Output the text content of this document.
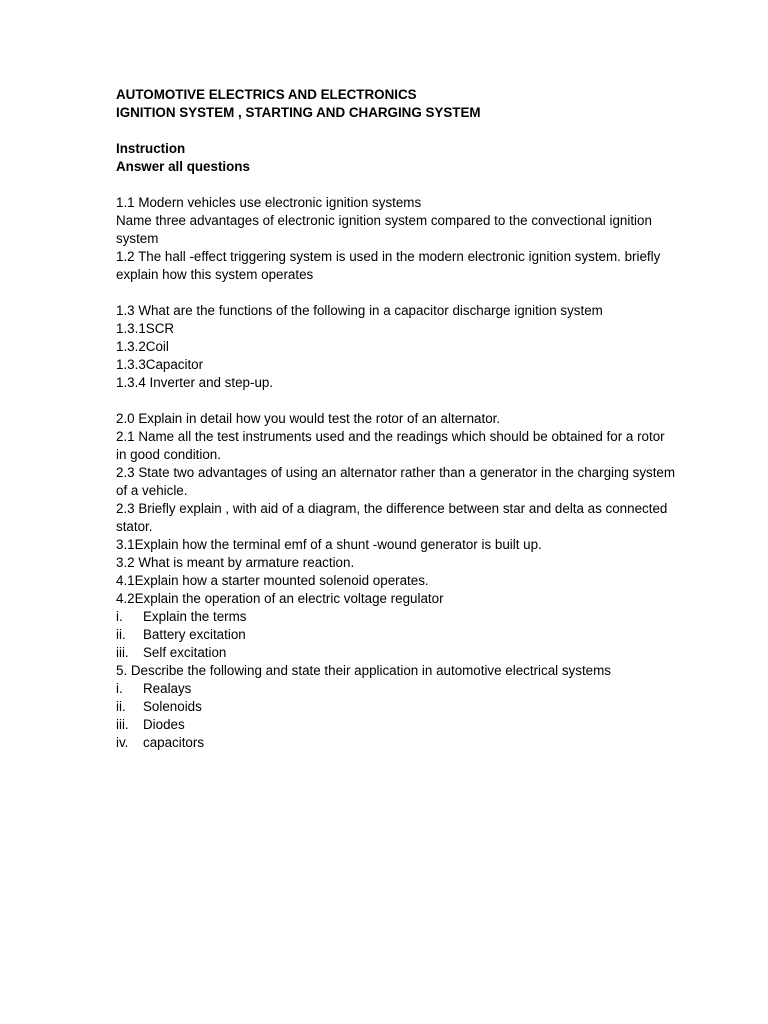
AUTOMOTIVE ELECTRICS AND ELECTRONICS
IGNITION SYSTEM , STARTING AND CHARGING SYSTEM
Instruction
Answer all questions
1.1 Modern vehicles use electronic ignition systems
Name three advantages of electronic ignition system compared to the convectional ignition system
1.2 The hall -effect triggering system is used in the modern electronic ignition system. briefly explain how this system operates
1.3 What are the functions of the following in a capacitor discharge ignition system
1.3.1SCR
1.3.2Coil
1.3.3Capacitor
1.3.4 Inverter and step-up.
2.0 Explain in detail how you would test the rotor of an alternator.
2.1 Name all the test instruments used and the readings which should be obtained for a rotor in good condition.
2.3 State two advantages of using an alternator rather than a generator in the charging system of a vehicle.
2.3 Briefly explain , with aid of a diagram, the difference between star and delta as connected stator.
3.1Explain how the terminal emf of a shunt -wound generator is built up.
3.2 What is meant by armature reaction.
4.1Explain how a starter mounted solenoid operates.
4.2Explain the operation of an electric voltage regulator
i.	Explain the terms
ii.	Battery excitation
iii.	Self excitation
5. Describe the following and state their application in automotive electrical systems
i.	Realays
ii.	Solenoids
iii.	Diodes
iv.	capacitors
